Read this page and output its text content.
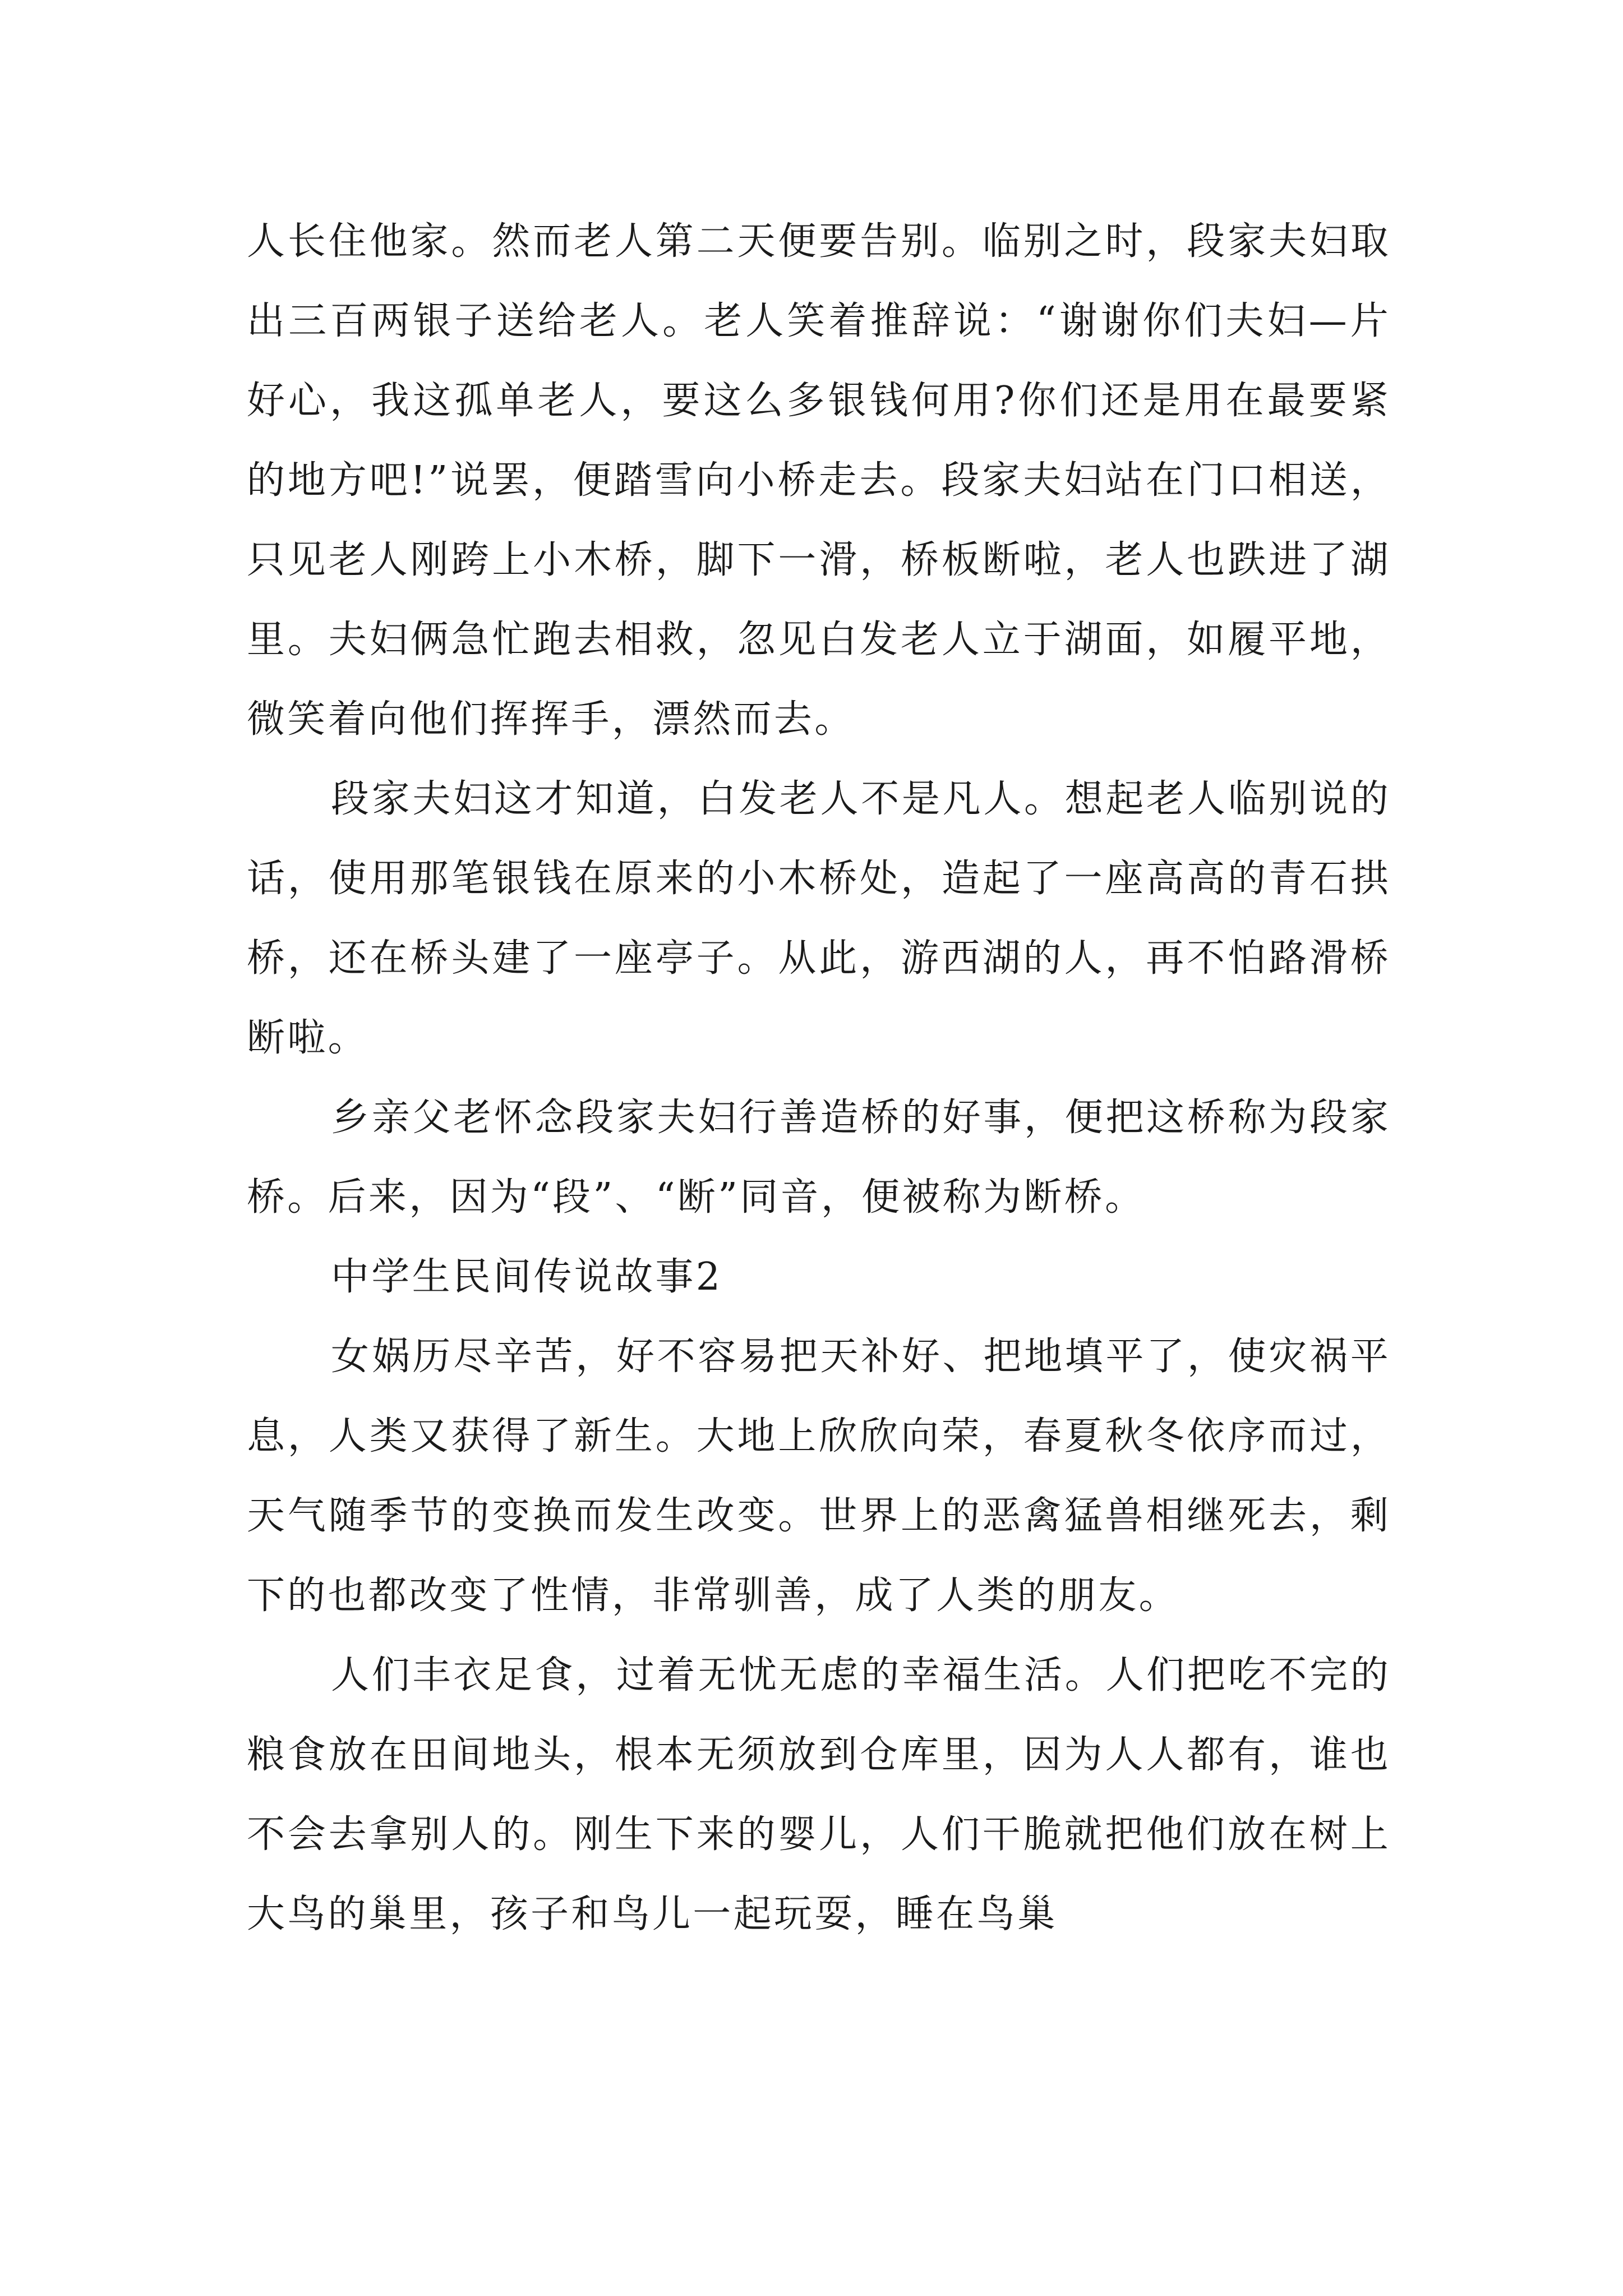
人长住他家。然而老人第二天便要告别。临别之时，段家夫妇取出三百两银子送给老人。老人笑着推辞说：“谢谢你们夫妇—片好心，我这孤单老人，要这么多银钱何用?你们还是用在最要紧的地方吧!”说罢，便踏雪向小桥走去。段家夫妇站在门口相送，只见老人刚跨上小木桥，脚下一滑，桥板断啦，老人也跌进了湖里。夫妇俩急忙跑去相救，忽见白发老人立于湖面，如履平地，微笑着向他们挥挥手，漂然而去。

段家夫妇这才知道，白发老人不是凡人。想起老人临别说的话，使用那笔银钱在原来的小木桥处，造起了一座高高的青石拱桥，还在桥头建了一座亭子。从此，游西湖的人，再不怕路滑桥断啦。

乡亲父老怀念段家夫妇行善造桥的好事，便把这桥称为段家桥。后来，因为“段”、“断”同音，便被称为断桥。

中学生民间传说故事2

女娲历尽辛苦，好不容易把天补好、把地填平了，使灾祸平息，人类又获得了新生。大地上欣欣向荣，春夏秋冬依序而过，天气随季节的变换而发生改变。世界上的恶禽猛兽相继死去，剩下的也都改变了性情，非常驯善，成了人类的朋友。

人们丰衣足食，过着无忧无虑的幸福生活。人们把吃不完的粮食放在田间地头，根本无须放到仓库里，因为人人都有，谁也不会去拿别人的。刚生下来的婴儿，人们干脆就把他们放在树上大鸟的巢里，孩子和鸟儿一起玩耍，睡在鸟巢
